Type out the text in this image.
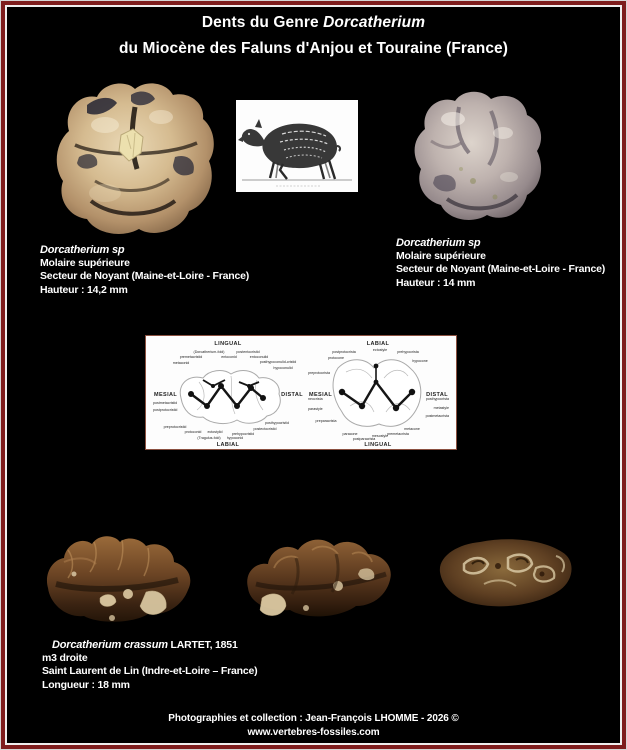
Dents du Genre Dorcatherium
du Miocène des Faluns d'Anjou et Touraine (France)
Dorcatherium sp
Molaire supérieure
Secteur de Noyant (Maine-et-Loire - France)
Hauteur : 14,2 mm
Dorcatherium sp
Molaire supérieure
Secteur de Noyant (Maine-et-Loire - France)
Hauteur : 14 mm
LINGUAL
MESIAL	DISTAL
LABIAL
(Dorcatherium-fold)	postentocristid
premetacristid	entoconid	entoconulid
posthypoconulid-cristid
metaconid
hypoconulid
postmetacristid
postprotocristid
preprotocristid
protoconid ectostylid
(Tragulus-fold) hypoconid
prehypocristid
postectocristid
posthypocristid
LABIAL
MESIAL	DISTAL
LINGUAL
postprotocrista
protocone
ectostyle	prehypocrista
hypocone
preprotocrista
neocrista
parastyle
preparacrista
paracone
postparacrista
mesostyle premetacrista
metacone
posthypocrista
metastyle
postmetacrista
Dorcatherium crassum LARTET, 1851
m3 droite
Saint Laurent de Lin (Indre-et-Loire – France)
Longueur : 18 mm
Photographies et collection : Jean-François LHOMME - 2026 ©
www.vertebres-fossiles.com
